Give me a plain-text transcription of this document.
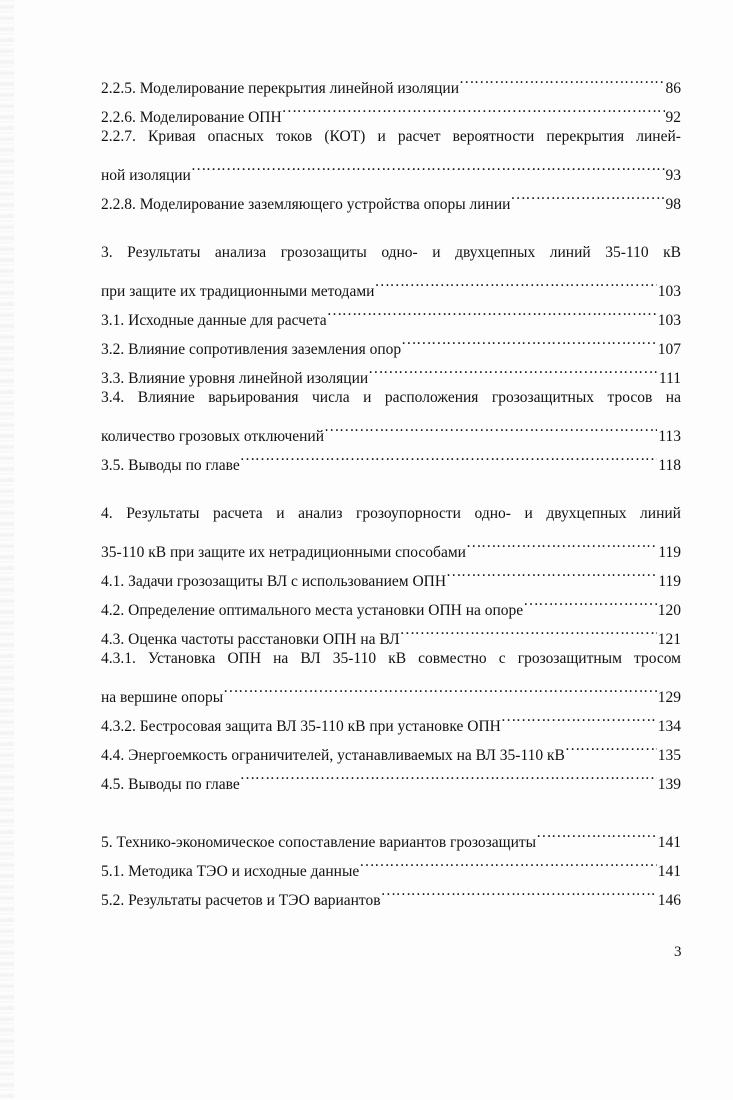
2.2.5. Моделирование перекрытия линейной изоляции ……………………………………………………………………………………………………………………………………………………………………………………………………	86
2.2.6. Моделирование ОПН ……………………………………………………………………………………………………………………………………………………………………………………………………	92
2.2.7. Кривая опасных токов (КОТ) и расчет вероятности перекрытия линей-
ной изоляции ……………………………………………………………………………………………………………………………………………………………………………………………………	93
2.2.8. Моделирование заземляющего устройства опоры линии ……………………………………………………………………………………………………………………………………………………………………………………………………	98
3. Результаты анализа грозозащиты одно- и двухцепных линий 35-110 кВ
при защите их традиционными методами ……………………………………………………………………………………………………………………………………………………………………………………………………	103
3.1. Исходные данные для расчета ……………………………………………………………………………………………………………………………………………………………………………………………………	103
3.2. Влияние сопротивления заземления опор ……………………………………………………………………………………………………………………………………………………………………………………………………	107
3.3. Влияние уровня линейной изоляции ……………………………………………………………………………………………………………………………………………………………………………………………………	111
3.4. Влияние варьирования числа и расположения грозозащитных тросов на
количество грозовых отключений ……………………………………………………………………………………………………………………………………………………………………………………………………	113
3.5. Выводы по главе ……………………………………………………………………………………………………………………………………………………………………………………………………	118
4. Результаты расчета и анализ грозоупорности одно- и двухцепных линий
35-110 кВ при защите их нетрадиционными способами ……………………………………………………………………………………………………………………………………………………………………………………………………	119
4.1. Задачи грозозащиты ВЛ с использованием ОПН ……………………………………………………………………………………………………………………………………………………………………………………………………	119
4.2. Определение оптимального места установки ОПН на опоре ……………………………………………………………………………………………………………………………………………………………………………………………………	120
4.3. Оценка частоты расстановки ОПН на ВЛ ……………………………………………………………………………………………………………………………………………………………………………………………………	121
4.3.1. Установка ОПН на ВЛ 35-110 кВ совместно с грозозащитным тросом
на вершине опоры ……………………………………………………………………………………………………………………………………………………………………………………………………	129
4.3.2. Бестросовая защита ВЛ 35-110 кВ при установке ОПН ……………………………………………………………………………………………………………………………………………………………………………………………………	134
4.4. Энергоемкость ограничителей, устанавливаемых на ВЛ 35-110 кВ ……………………………………………………………………………………………………………………………………………………………………………………………………	135
4.5. Выводы по главе ……………………………………………………………………………………………………………………………………………………………………………………………………	139
5. Технико-экономическое сопоставление вариантов грозозащиты ……………………………………………………………………………………………………………………………………………………………………………………………………	141
5.1. Методика ТЭО и исходные данные ……………………………………………………………………………………………………………………………………………………………………………………………………	141
5.2. Результаты расчетов и ТЭО вариантов ……………………………………………………………………………………………………………………………………………………………………………………………………	146
3
